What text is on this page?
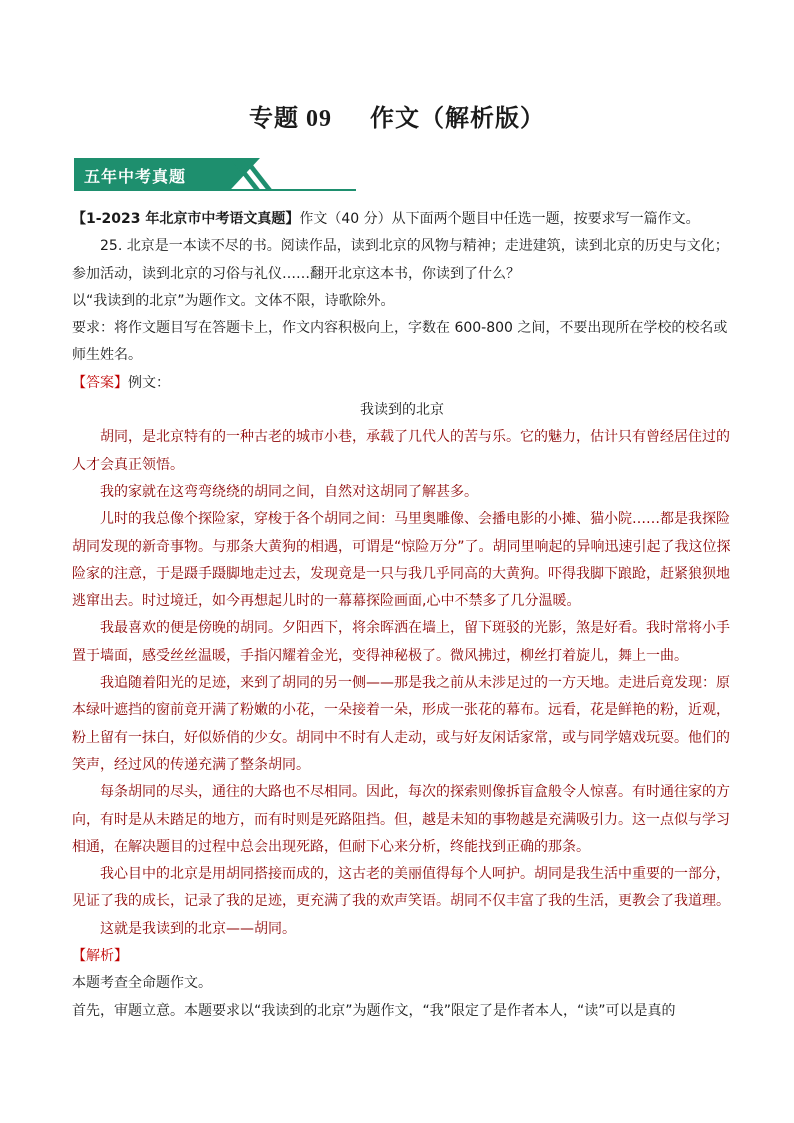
专题 09 作文（解析版）
五年中考真题

【1-2023 年北京市中考语文真题】作文（40 分）从下面两个题目中任选一题，按要求写一篇作文。

25. 北京是一本读不尽的书。阅读作品，读到北京的风物与精神；走进建筑，读到北京的历史与文化；参加活动，读到北京的习俗与礼仪……翻开北京这本书，你读到了什么？

以“我读到的北京”为题作文。文体不限，诗歌除外。

要求：将作文题目写在答题卡上，作文内容积极向上，字数在 600-800 之间，不要出现所在学校的校名或师生姓名。

【答案】例文：

我读到的北京

胡同，是北京特有的一种古老的城市小巷，承载了几代人的苦与乐。它的魅力，估计只有曾经居住过的人才会真正领悟。

我的家就在这弯弯绕绕的胡同之间，自然对这胡同了解甚多。

儿时的我总像个探险家，穿梭于各个胡同之间：马里奥雕像、会播电影的小摊、猫小院……都是我探险胡同发现的新奇事物。与那条大黄狗的相遇，可谓是“惊险万分”了。胡同里响起的异响迅速引起了我这位探险家的注意，于是蹑手蹑脚地走过去，发现竟是一只与我几乎同高的大黄狗。吓得我脚下踉跄，赶紧狼狈地逃窜出去。时过境迁，如今再想起儿时的一幕幕探险画面,心中不禁多了几分温暖。

我最喜欢的便是傍晚的胡同。夕阳西下，将余晖洒在墙上，留下斑驳的光影，煞是好看。我时常将小手置于墙面，感受丝丝温暖，手指闪耀着金光，变得神秘极了。微风拂过，柳丝打着旋儿，舞上一曲。

我追随着阳光的足迹，来到了胡同的另一侧——那是我之前从未涉足过的一方天地。走进后竟发现：原本绿叶遮挡的窗前竟开满了粉嫩的小花，一朵接着一朵，形成一张花的幕布。远看，花是鲜艳的粉，近观，粉上留有一抹白，好似娇俏的少女。胡同中不时有人走动，或与好友闲话家常，或与同学嬉戏玩耍。他们的笑声，经过风的传递充满了整条胡同。

每条胡同的尽头，通往的大路也不尽相同。因此，每次的探索则像拆盲盒般令人惊喜。有时通往家的方向，有时是从未踏足的地方，而有时则是死路阻挡。但，越是未知的事物越是充满吸引力。这一点似与学习相通，在解决题目的过程中总会出现死路，但耐下心来分析，终能找到正确的那条。

我心目中的北京是用胡同搭接而成的，这古老的美丽值得每个人呵护。胡同是我生活中重要的一部分，见证了我的成长，记录了我的足迹，更充满了我的欢声笑语。胡同不仅丰富了我的生活，更教会了我道理。

这就是我读到的北京——胡同。

【解析】

本题考查全命题作文。

首先，审题立意。本题要求以“我读到的北京”为题作文，“我”限定了是作者本人，“读”可以是真的
